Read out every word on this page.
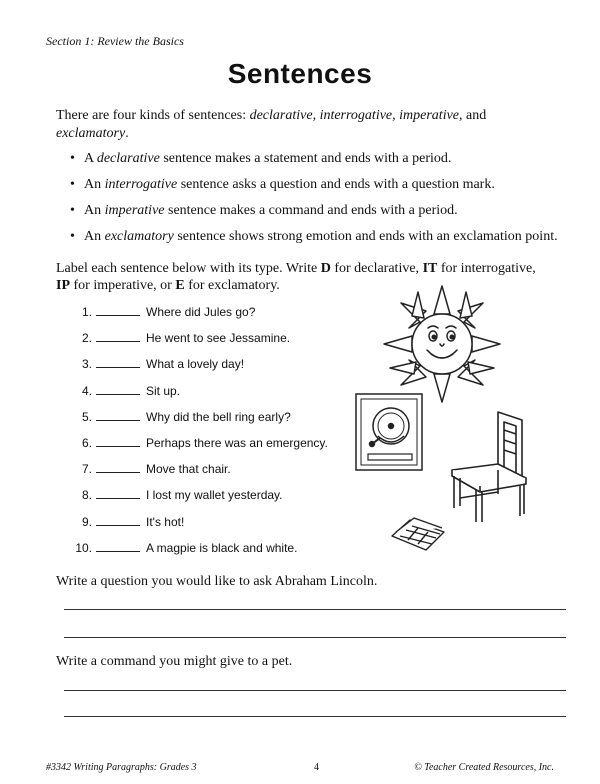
Section 1: Review the Basics
Sentences
There are four kinds of sentences: declarative, interrogative, imperative, and exclamatory.
• A declarative sentence makes a statement and ends with a period.
• An interrogative sentence asks a question and ends with a question mark.
• An imperative sentence makes a command and ends with a period.
• An exclamatory sentence shows strong emotion and ends with an exclamation point.
Label each sentence below with its type. Write D for declarative, IT for interrogative,
IP for imperative, or E for exclamatory.
1.	Where did Jules go?
2.	He went to see Jessamine.
3.	What a lovely day!
4.	Sit up.
5.	Why did the bell ring early?
6.	Perhaps there was an emergency.
7.	Move that chair.
8.	I lost my wallet yesterday.
9.	It's hot!
10.	A magpie is black and white.
Write a question you would like to ask Abraham Lincoln.
Write a command you might give to a pet.
#3342 Writing Paragraphs: Grades 3	4	© Teacher Created Resources, Inc.
